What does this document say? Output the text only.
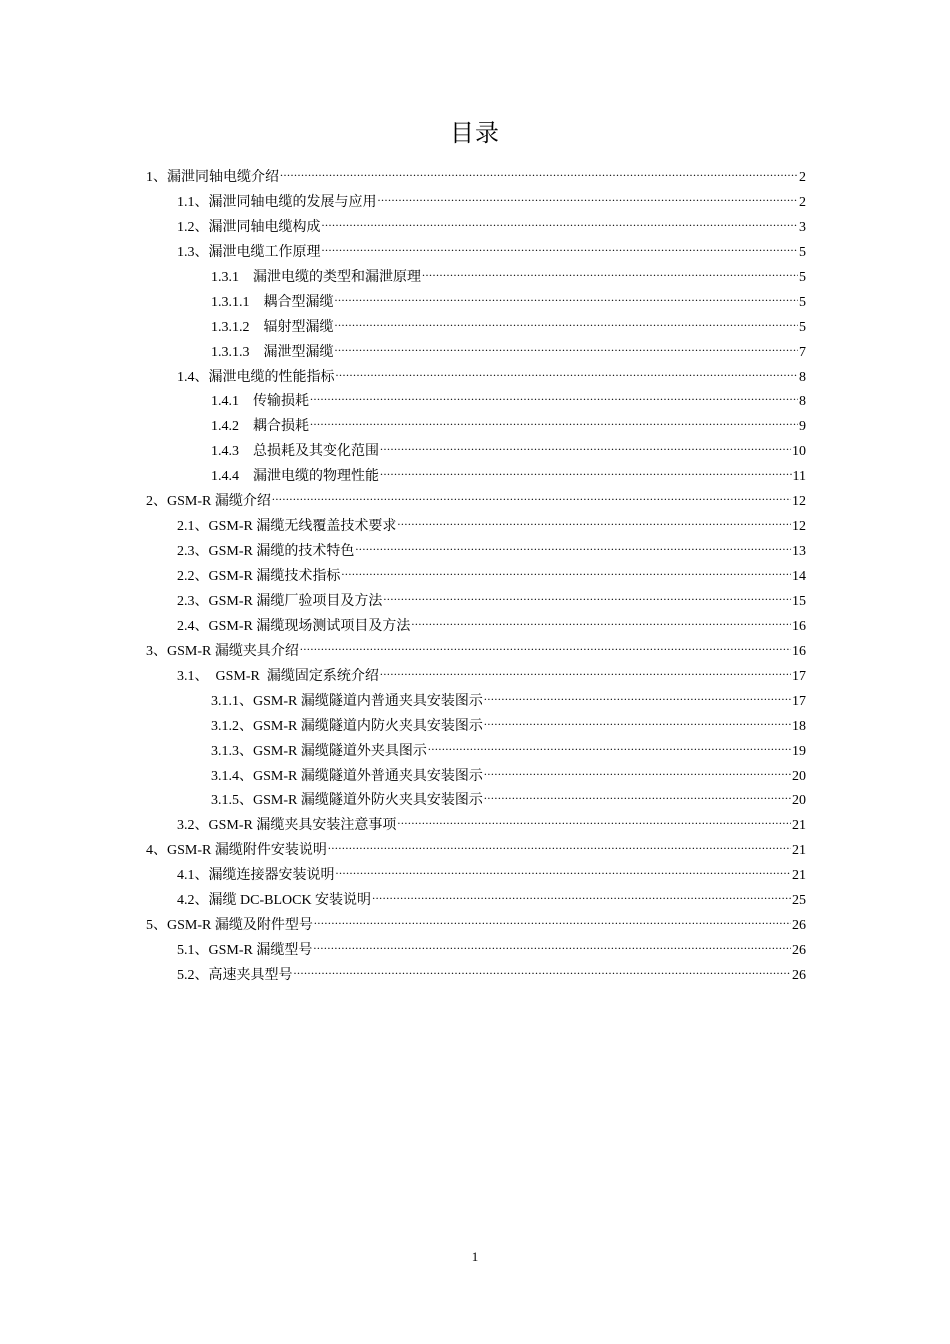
目录
1、 漏泄同轴电缆介绍 .....	2
1.1、 漏泄同轴电缆的发展与应用 .....	2
1.2、 漏泄同轴电缆构成 .....	3
1.3、 漏泄电缆工作原理 .....	5
1.3.1 漏泄电缆的类型和漏泄原理 .....	5
1.3.1.1 耦合型漏缆 .....	5
1.3.1.2 辐射型漏缆 .....	5
1.3.1.3 漏泄型漏缆 .....	7
1.4、 漏泄电缆的性能指标 .....	8
1.4.1 传输损耗 .....	8
1.4.2 耦合损耗 .....	9
1.4.3 总损耗及其变化范围 .....	10
1.4.4 漏泄电缆的物理性能 .....	11
2、 GSM-R 漏缆介绍 .....	12
2.1、 GSM-R 漏缆无线覆盖技术要求 .....	12
2.3、 GSM-R 漏缆的技术特色 .....	13
2.2、 GSM-R 漏缆技术指标 .....	14
2.3、 GSM-R 漏缆厂验项目及方法 .....	15
2.4、 GSM-R 漏缆现场测试项目及方法 .....	16
3、 GSM-R 漏缆夹具介绍 .....	16
3.1、 GSM-R  漏缆固定系统介绍 .....	17
3.1.1、 GSM-R 漏缆隧道内普通夹具安装图示 .....	17
3.1.2、 GSM-R 漏缆隧道内防火夹具安装图示 .....	18
3.1.3、 GSM-R 漏缆隧道外夹具图示 .....	19
3.1.4、 GSM-R 漏缆隧道外普通夹具安装图示 .....	20
3.1.5、 GSM-R 漏缆隧道外防火夹具安装图示 .....	20
3.2、 GSM-R 漏缆夹具安装注意事项 .....	21
4、 GSM-R 漏缆附件安装说明 .....	21
4.1、 漏缆连接器安装说明 .....	21
4.2、 漏缆 DC-BLOCK 安装说明 .....	25
5、 GSM-R 漏缆及附件型号 .....	26
5.1、 GSM-R 漏缆型号 .....	26
5.2、 高速夹具型号 .....	26
1
